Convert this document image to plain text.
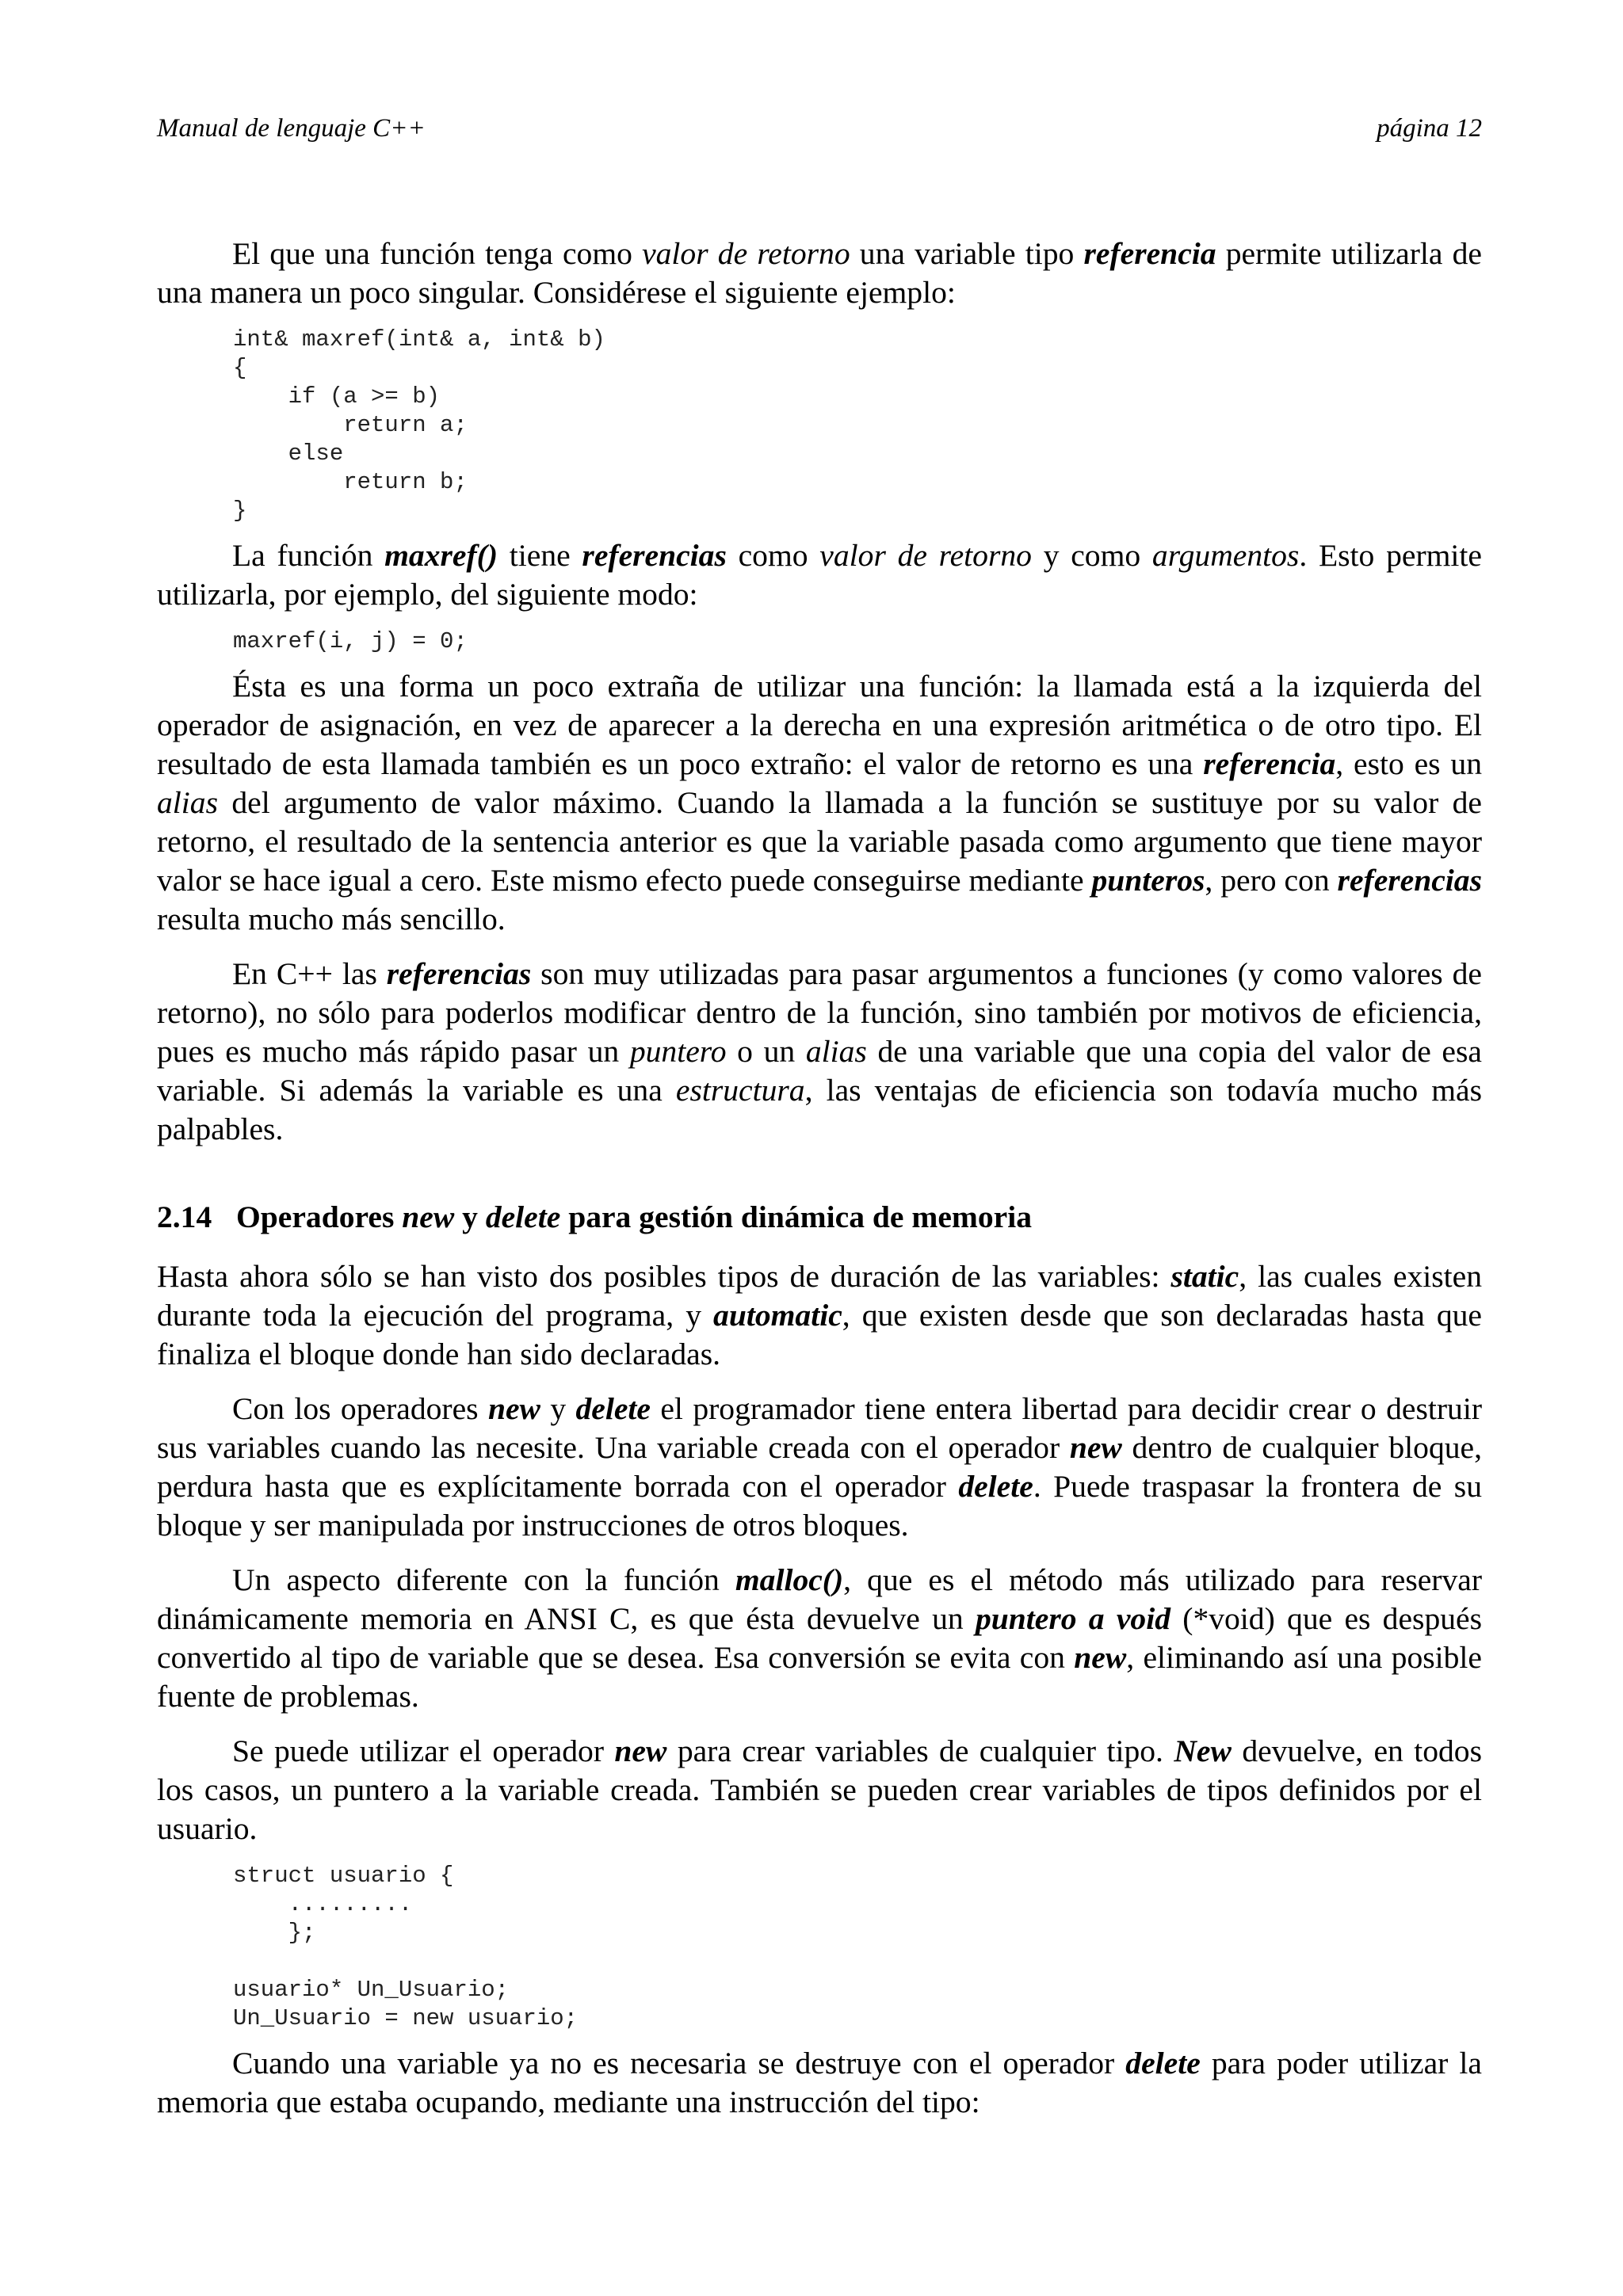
Manual de lenguaje C++	página 12

El que una función tenga como valor de retorno una variable tipo referencia permite utilizarla de una manera un poco singular. Considérese el siguiente ejemplo:

int& maxref(int& a, int& b)
{
if (a >= b)
return a;
else
return b;
}

La función maxref() tiene referencias como valor de retorno y como argumentos. Esto permite utilizarla, por ejemplo, del siguiente modo:

maxref(i, j) = 0;

Ésta es una forma un poco extraña de utilizar una función: la llamada está a la izquierda del operador de asignación, en vez de aparecer a la derecha en una expresión aritmética o de otro tipo. El resultado de esta llamada también es un poco extraño: el valor de retorno es una referencia, esto es un alias del argumento de valor máximo. Cuando la llamada a la función se sustituye por su valor de retorno, el resultado de la sentencia anterior es que la variable pasada como argumento que tiene mayor valor se hace igual a cero. Este mismo efecto puede conseguirse mediante punteros, pero con referencias resulta mucho más sencillo.

En C++ las referencias son muy utilizadas para pasar argumentos a funciones (y como valores de retorno), no sólo para poderlos modificar dentro de la función, sino también por motivos de eficiencia, pues es mucho más rápido pasar un puntero o un alias de una variable que una copia del valor de esa variable. Si además la variable es una estructura, las ventajas de eficiencia son todavía mucho más palpables.

2.14 Operadores new y delete para gestión dinámica de memoria

Hasta ahora sólo se han visto dos posibles tipos de duración de las variables: static, las cuales existen durante toda la ejecución del programa, y automatic, que existen desde que son declaradas hasta que finaliza el bloque donde han sido declaradas.

Con los operadores new y delete el programador tiene entera libertad para decidir crear o destruir sus variables cuando las necesite. Una variable creada con el operador new dentro de cualquier bloque, perdura hasta que es explícitamente borrada con el operador delete. Puede traspasar la frontera de su bloque y ser manipulada por instrucciones de otros bloques.

Un aspecto diferente con la función malloc(), que es el método más utilizado para reservar dinámicamente memoria en ANSI C, es que ésta devuelve un puntero a void (*void) que es después convertido al tipo de variable que se desea. Esa conversión se evita con new, eliminando así una posible fuente de problemas.

Se puede utilizar el operador new para crear variables de cualquier tipo. New devuelve, en todos los casos, un puntero a la variable creada. También se pueden crear variables de tipos definidos por el usuario.

struct usuario {
.........
};

usuario* Un_Usuario;
Un_Usuario = new usuario;

Cuando una variable ya no es necesaria se destruye con el operador delete para poder utilizar la memoria que estaba ocupando, mediante una instrucción del tipo:
